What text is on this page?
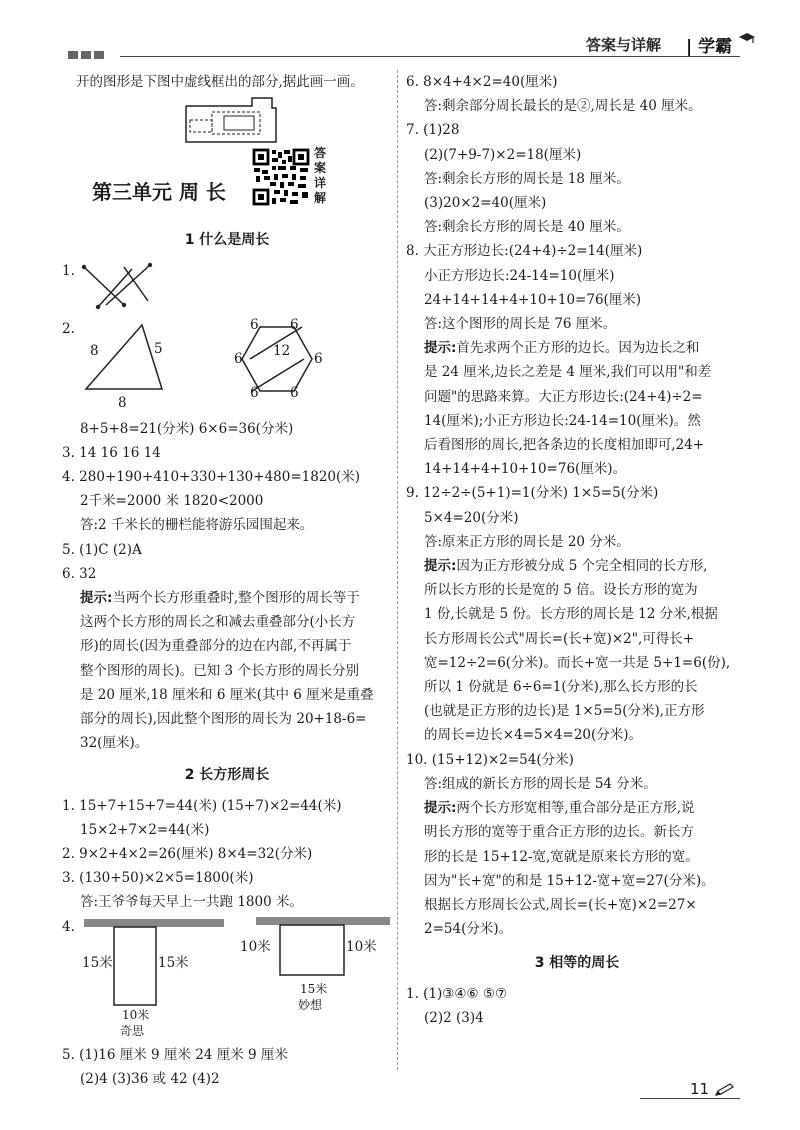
答案与详解 | 学霸
开的图形是下图中虚线框出的部分,据此画一画。
第三单元 周 长
1 什么是周长
1.
2.
8	5
8
6 6
6 12 6
6 6
8+5+8=21(分米) 6×6=36(分米)
3. 14 16 16 14
4. 280+190+410+330+130+480=1820(米)
2千米=2000 米 1820<2000
答:2 千米长的栅栏能将游乐园围起来。
5. (1)C (2)A
6. 32
提示:当两个长方形重叠时,整个图形的周长等于
这两个长方形的周长之和减去重叠部分(小长方
形)的周长(因为重叠部分的边在内部,不再属于
整个图形的周长)。已知 3 个长方形的周长分别
是 20 厘米,18 厘米和 6 厘米(其中 6 厘米是重叠
部分的周长),因此整个图形的周长为 20+18-6=
32(厘米)。
2 长方形周长
1. 15+7+15+7=44(米) (15+7)×2=44(米)
15×2+7×2=44(米)
2. 9×2+4×2=26(厘米) 8×4=32(分米)
3. (130+50)×2×5=1800(米)
答:王爷爷每天早上一共跑 1800 米。
4.
15米	15米
10米
奇思
10米	10米
15米
妙想
5. (1)16 厘米 9 厘米 24 厘米 9 厘米
(2)4 (3)36 或 42 (4)2
答案详解
6. 8×4+4×2=40(厘米)
答:剩余部分周长最长的是②,周长是 40 厘米。
7. (1)28
(2)(7+9-7)×2=18(厘米)
答:剩余长方形的周长是 18 厘米。
(3)20×2=40(厘米)
答:剩余长方形的周长是 40 厘米。
8. 大正方形边长:(24+4)÷2=14(厘米)
小正方形边长:24-14=10(厘米)
24+14+14+4+10+10=76(厘米)
答:这个图形的周长是 76 厘米。
提示:首先求两个正方形的边长。因为边长之和
是 24 厘米,边长之差是 4 厘米,我们可以用"和差
问题"的思路来算。大正方形边长:(24+4)÷2=
14(厘米);小正方形边长:24-14=10(厘米)。然
后看图形的周长,把各条边的长度相加即可,24+
14+14+4+10+10=76(厘米)。
9. 12÷2÷(5+1)=1(分米) 1×5=5(分米)
5×4=20(分米)
答:原来正方形的周长是 20 分米。
提示:因为正方形被分成 5 个完全相同的长方形,
所以长方形的长是宽的 5 倍。设长方形的宽为
1 份,长就是 5 份。长方形的周长是 12 分米,根据
长方形周长公式"周长=(长+宽)×2",可得长+
宽=12÷2=6(分米)。而长+宽一共是 5+1=6(份),
所以 1 份就是 6÷6=1(分米),那么长方形的长
(也就是正方形的边长)是 1×5=5(分米),正方形
的周长=边长×4=5×4=20(分米)。
10. (15+12)×2=54(分米)
答:组成的新长方形的周长是 54 分米。
提示:两个长方形宽相等,重合部分是正方形,说
明长方形的宽等于重合正方形的边长。新长方
形的长是 15+12-宽,宽就是原来长方形的宽。
因为"长+宽"的和是 15+12-宽+宽=27(分米)。
根据长方形周长公式,周长=(长+宽)×2=27×
2=54(分米)。
3 相等的周长
1. (1)③④⑥ ⑤⑦
(2)2 (3)4
11
